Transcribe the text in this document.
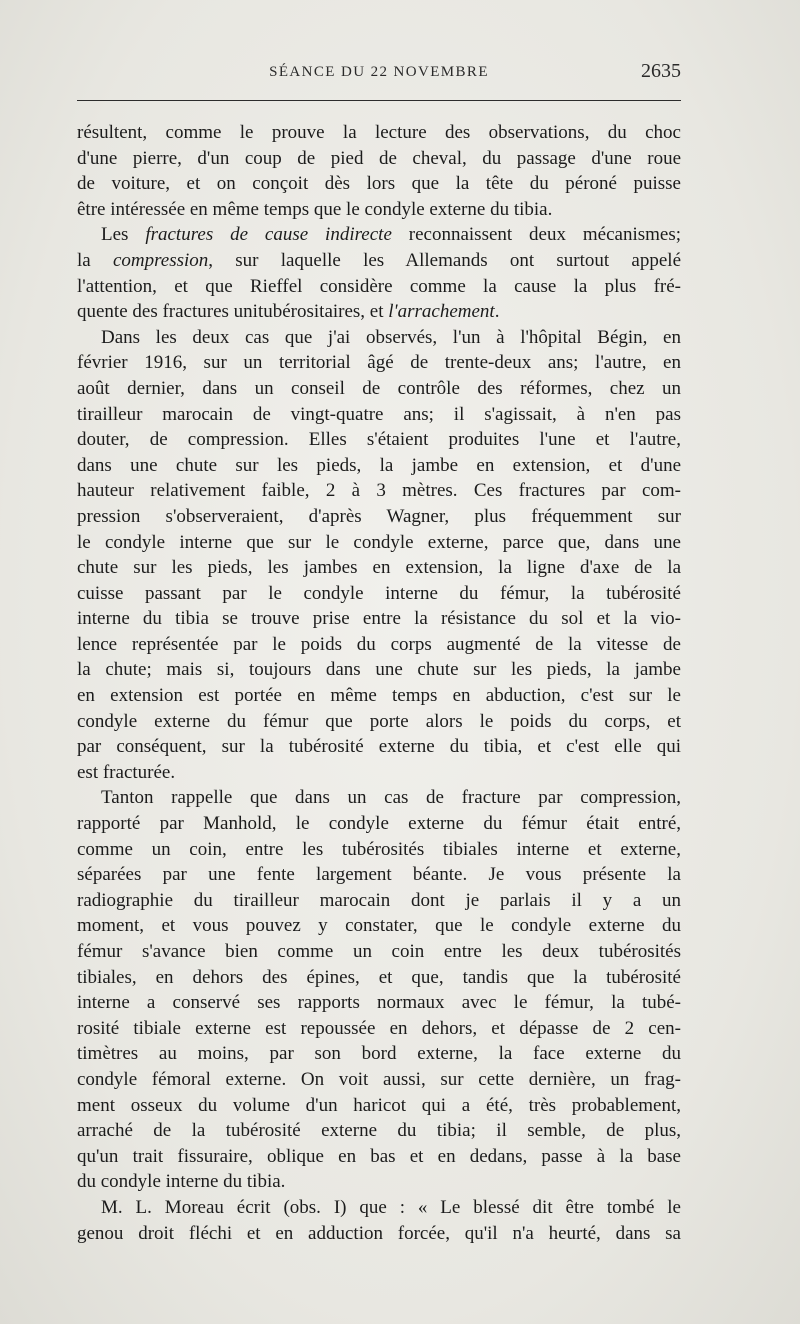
SÉANCE DU 22 NOVEMBRE	2635
résultent, comme le prouve la lecture des observations, du choc
d'une pierre, d'un coup de pied de cheval, du passage d'une roue
de voiture, et on conçoit dès lors que la tête du péroné puisse
être intéressée en même temps que le condyle externe du tibia.
Les fractures de cause indirecte reconnaissent deux mécanismes;
la compression, sur laquelle les Allemands ont surtout appelé
l'attention, et que Rieffel considère comme la cause la plus fré-
quente des fractures unitubérositaires, et l'arrachement.
Dans les deux cas que j'ai observés, l'un à l'hôpital Bégin, en
février 1916, sur un territorial âgé de trente-deux ans; l'autre, en
août dernier, dans un conseil de contrôle des réformes, chez un
tirailleur marocain de vingt-quatre ans; il s'agissait, à n'en pas
douter, de compression. Elles s'étaient produites l'une et l'autre,
dans une chute sur les pieds, la jambe en extension, et d'une
hauteur relativement faible, 2 à 3 mètres. Ces fractures par com-
pression s'observeraient, d'après Wagner, plus fréquemment sur
le condyle interne que sur le condyle externe, parce que, dans une
chute sur les pieds, les jambes en extension, la ligne d'axe de la
cuisse passant par le condyle interne du fémur, la tubérosité
interne du tibia se trouve prise entre la résistance du sol et la vio-
lence représentée par le poids du corps augmenté de la vitesse de
la chute; mais si, toujours dans une chute sur les pieds, la jambe
en extension est portée en même temps en abduction, c'est sur le
condyle externe du fémur que porte alors le poids du corps, et
par conséquent, sur la tubérosité externe du tibia, et c'est elle qui
est fracturée.
Tanton rappelle que dans un cas de fracture par compression,
rapporté par Manhold, le condyle externe du fémur était entré,
comme un coin, entre les tubérosités tibiales interne et externe,
séparées par une fente largement béante. Je vous présente la
radiographie du tirailleur marocain dont je parlais il y a un
moment, et vous pouvez y constater, que le condyle externe du
fémur s'avance bien comme un coin entre les deux tubérosités
tibiales, en dehors des épines, et que, tandis que la tubérosité
interne a conservé ses rapports normaux avec le fémur, la tubé-
rosité tibiale externe est repoussée en dehors, et dépasse de 2 cen-
timètres au moins, par son bord externe, la face externe du
condyle fémoral externe. On voit aussi, sur cette dernière, un frag-
ment osseux du volume d'un haricot qui a été, très probablement,
arraché de la tubérosité externe du tibia; il semble, de plus,
qu'un trait fissuraire, oblique en bas et en dedans, passe à la base
du condyle interne du tibia.
M. L. Moreau écrit (obs. I) que : « Le blessé dit être tombé le
genou droit fléchi et en adduction forcée, qu'il n'a heurté, dans sa
